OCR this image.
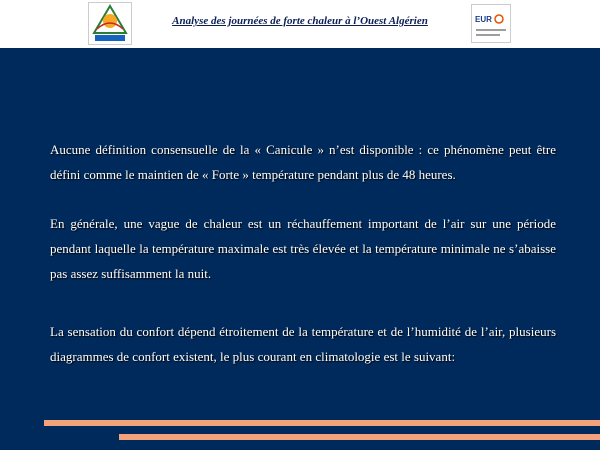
Analyse des journées de forte chaleur à l’Ouest Algérien	EUR

Aucune définition consensuelle de la « Canicule » n’est disponible : ce phénomène peut être défini comme le maintien de « Forte » température pendant plus de 48 heures.

En générale, une vague de chaleur est un réchauffement important de l’air sur une période pendant laquelle la température maximale est très élevée et la température minimale ne s’abaisse pas assez suffisamment la nuit.

La sensation du confort dépend étroitement de la température et de l’humidité de l’air, plusieurs diagrammes de confort existent, le plus courant en climatologie est le suivant:
